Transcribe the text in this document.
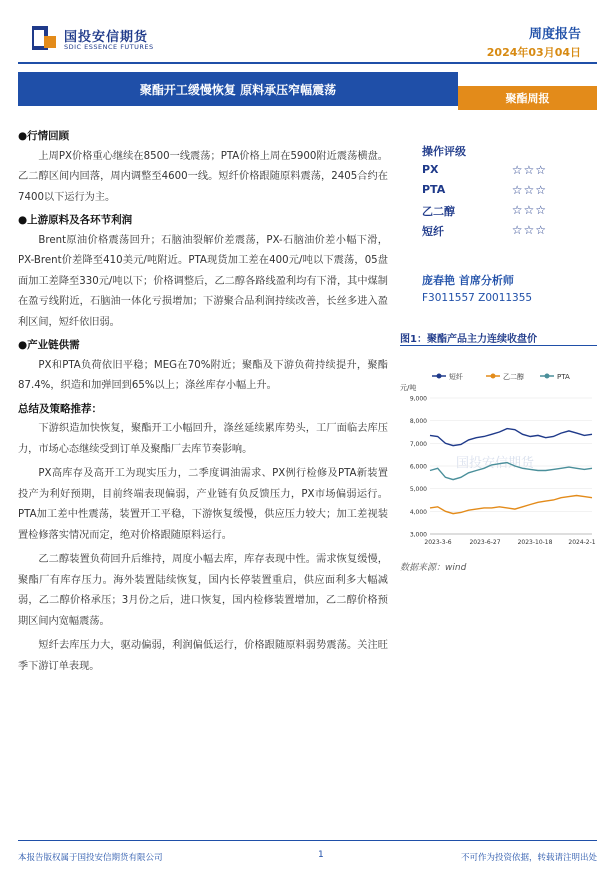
国投安信期货
SDIC ESSENCE FUTURES
周度报告
2024年03月04日
聚酯开工缓慢恢复 原料承压窄幅震荡
聚酯周报

●行情回顾

上周PX价格重心继续在8500一线震荡；PTA价格上周在5900附近震荡横盘。乙二醇区间内回落，周内调整至4600一线。短纤价格跟随原料震荡，2405合约在7400以下运行为主。

●上游原料及各环节利润

Brent原油价格震荡回升；石脑油裂解价差震荡，PX-石脑油价差小幅下滑，PX-Brent价差降至410美元/吨附近。PTA现货加工差在400元/吨以下震荡，05盘面加工差降至330元/吨以下；价格调整后，乙二醇各路线盈利均有下滑，其中煤制在盈亏线附近，石脑油一体化亏损增加；下游聚合品利润持续改善，长丝多进入盈利区间，短纤依旧弱。

●产业链供需

PX和PTA负荷依旧平稳；MEG在70%附近；聚酯及下游负荷持续提升，聚酯87.4%，织造和加弹回到65%以上；涤丝库存小幅上升。

总结及策略推荐：

下游织造加快恢复，聚酯开工小幅回升，涤丝延续累库势头，工厂面临去库压力，市场心态继续受到订单及聚酯厂去库节奏影响。

PX高库存及高开工为现实压力，二季度调油需求、PX例行检修及PTA新装置投产为利好预期，目前终端表现偏弱，产业链有负反馈压力，PX市场偏弱运行。PTA加工差中性震荡，装置开工平稳，下游恢复缓慢，供应压力较大；加工差视装置检修落实情况而定，绝对价格跟随原料运行。

乙二醇装置负荷回升后维持，周度小幅去库，库存表现中性。需求恢复缓慢，聚酯厂有库存压力。海外装置陆续恢复，国内长停装置重启，供应面利多大幅减弱，乙二醇价格承压；3月份之后，进口恢复，国内检修装置增加，乙二醇价格预期区间内宽幅震荡。

短纤去库压力大，驱动偏弱，利润偏低运行，价格跟随原料弱势震荡。关注旺季下游订单表现。

操作评级
PX	☆☆☆
PTA	☆☆☆
乙二醇	☆☆☆
短纤	☆☆☆
庞春艳 首席分析师
F3011557 Z0011355
图1：聚酯产品主力连续收盘价
短纤	乙二醇	PTA
元/吨
国投安信期货
3,000
4,000
5,000
6,000
7,000
8,000
9,000
2023-3-6	2023-6-27	2023-10-18	2024-2-1
数据来源：wind
本报告版权属于国投安信期货有限公司	1	不可作为投资依据，转载请注明出处
